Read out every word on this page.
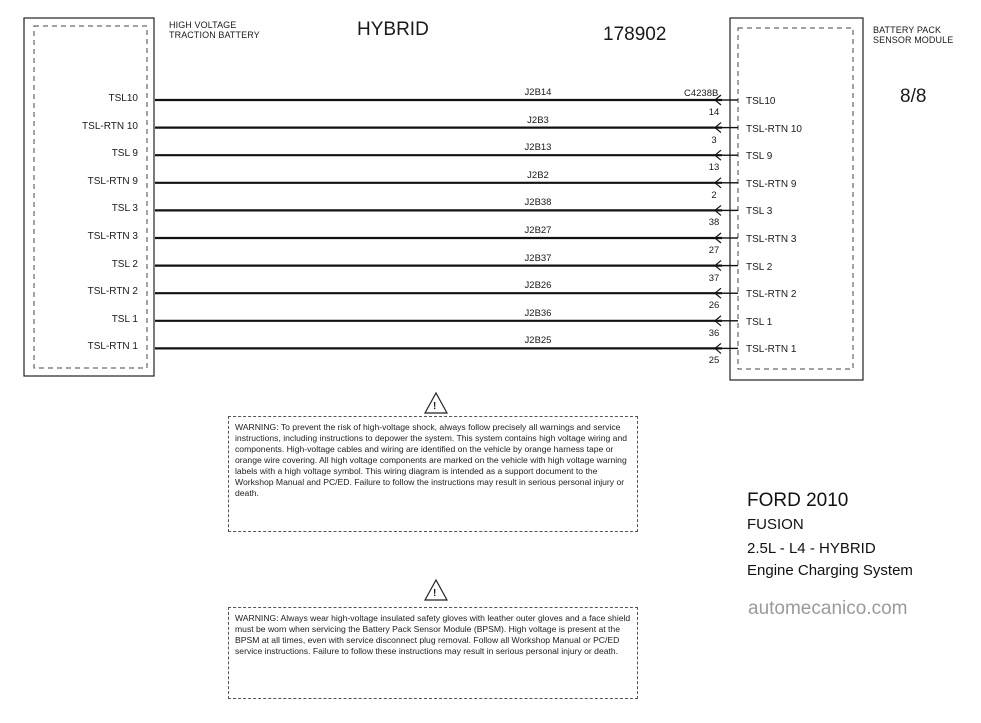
HIGH VOLTAGE
TRACTION BATTERY	HYBRID	178902	BATTERY PACK
SENSOR MODULE
8/8
C4238B
TSL10
J2B14
14
TSL10
TSL-RTN 10
J2B3
3
TSL-RTN 10
TSL 9
J2B13
13
TSL 9
TSL-RTN 9
J2B2
2
TSL-RTN 9
TSL 3
J2B38
38
TSL 3
TSL-RTN 3
J2B27
27
TSL-RTN 3
TSL 2
J2B37
37
TSL 2
TSL-RTN 2
J2B26
26
TSL-RTN 2
TSL 1
J2B36
36
TSL 1
TSL-RTN 1
J2B25
25
TSL-RTN 1
WARNING: To prevent the risk of high-voltage shock, always follow precisely all warnings and service instructions, including instructions to depower the system. This system contains high voltage wiring and components. High-voltage cables and wiring are identified on the vehicle by orange harness tape or orange wire covering. All high voltage components are marked on the vehicle with high voltage warning labels with a high voltage symbol. This wiring diagram is intended as a support document to the Workshop Manual and PC/ED. Failure to follow the instructions may result in serious personal injury or death.
!
WARNING: Always wear high-voltage insulated safety gloves with leather outer gloves and a face shield must be worn when servicing the Battery Pack Sensor Module (BPSM). High voltage is present at the BPSM at all times, even with service disconnect plug removal. Follow all Workshop Manual or PC/ED service instructions. Failure to follow these instructions may result in serious personal injury or death.
!
FORD 2010
FUSION
2.5L - L4 - HYBRID
Engine Charging System
automecanico.com
